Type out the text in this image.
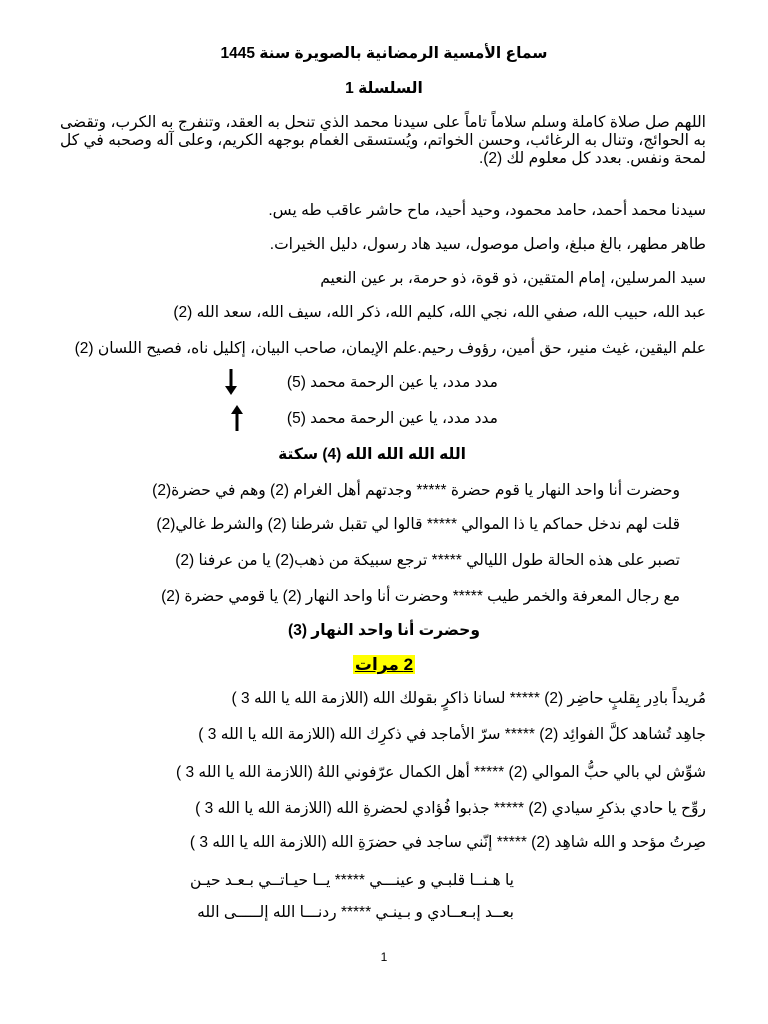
سماع الأمسية الرمضانية بالصويرة سنة 1445
السلسلة 1
اللهم صل صلاة كاملة وسلم سلاماً تاماً على سيدنا محمد الذي تنحل به العقد، وتنفرج به الكرب، وتقضى به الحوائج، وتنال به الرغائب، وحسن الخواتم، ويُستسقى الغمام بوجهه الكريم، وعلى آله وصحبه في كل لمحة ونفس. بعدد كل معلوم لك (2).
سيدنا محمد أحمد، حامد محمود، وحيد أحيد، ماح حاشر عاقب طه يس.
طاهر مطهر، بالغ مبلغ، واصل موصول، سيد هاد رسول، دليل الخيرات.
سيد المرسلين، إمام المتقين، ذو قوة، ذو حرمة، بر عين النعيم
عبد الله، حبيب الله، صفي الله، نجي الله، كليم الله، ذكر الله، سيف الله، سعد الله (2)
علم اليقين، غيث منير، حق أمين، رؤوف رحيم.علم الإيمان، صاحب البيان، إكليل ناه، فصيح اللسان (2)
مدد مدد، يا عين الرحمة محمد (5)
مدد مدد، يا عين الرحمة محمد (5)
الله الله الله الله (4) سكتة
وحضرت أنا واحد النهار يا قوم حضرة ***** وجدتهم أهل الغرام (2) وهم في حضرة(2)
قلت لهم ندخل حماكم يا ذا الموالي ***** قالوا لي تقبل شرطنا (2) والشرط غالي(2)
تصبر على هذه الحالة طول الليالي ***** ترجع سبيكة من ذهب(2) يا من عرفنا (2)
مع رجال المعرفة والخمر طيب ***** وحضرت أنا واحد النهار (2) يا قومي حضرة (2)
وحضرت أنا واحد النهار (3)
2 مرات
مُريداً بادِر بِقلبٍ حاضِر (2) ***** لسانا ذاكرٍ بقولك الله (اللازمة الله يا الله 3 )
جاهِد تُشاهد كلَّ الفوائِد (2) ***** سرّ الأماجد في ذكرِك الله (اللازمة الله يا الله 3 )
شوِّش لي بالي حبُّ الموالي (2) ***** أهل الكمال عرّفوني اللهُ (اللازمة الله يا الله 3 )
روِّح يا حادي بذكرِ سيادي (2) ***** جذبوا فُؤادي لحضرةِ الله (اللازمة الله يا الله 3 )
صِرتُ مؤحد و الله شاهِد (2) ***** إنّني ساجد في حضرَةِ الله (اللازمة الله يا الله 3 )
يا هـنــا قلبـي و عينـــي ***** يــا حيـاتــي بـعـد حيـن
بعــد إبـعــادي و بـينـي ***** ردنـــا الله إلـــــى الله
1
